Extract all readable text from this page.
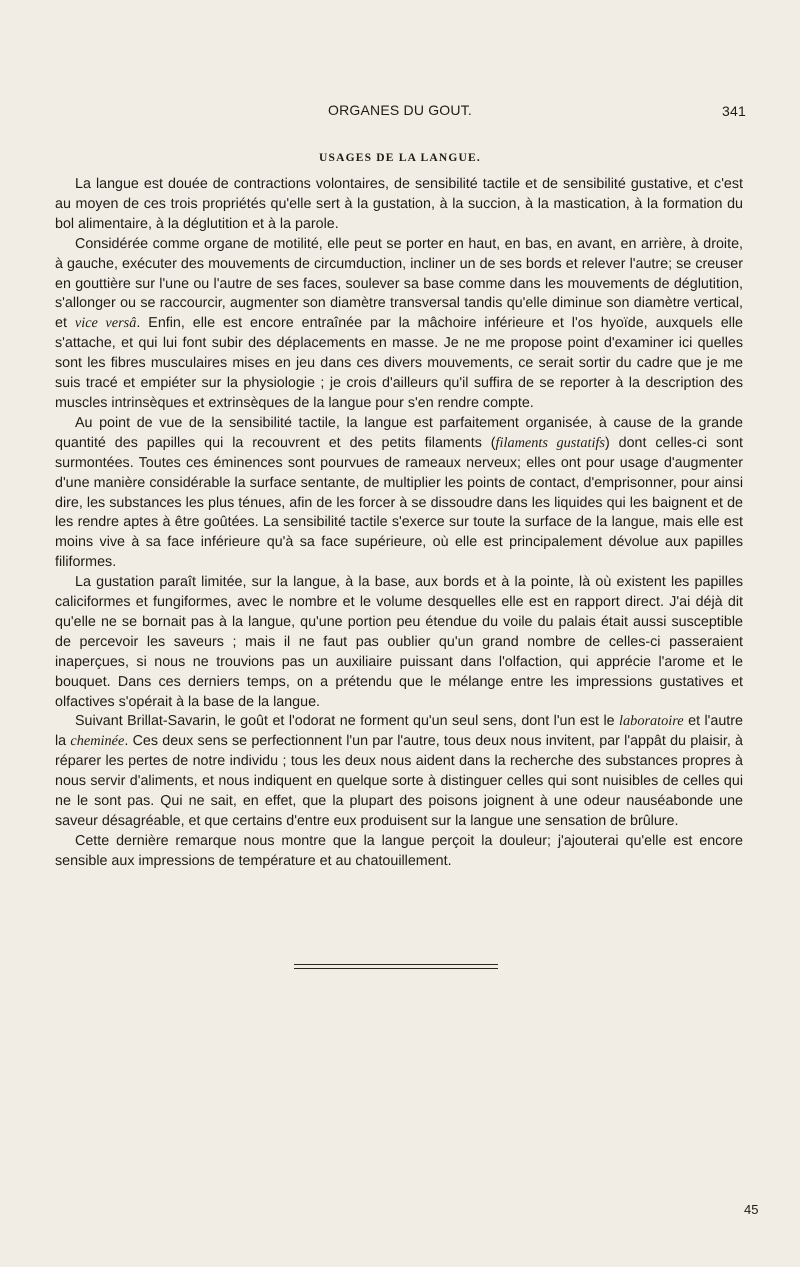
ORGANES DU GOUT.	341
USAGES DE LA LANGUE.

La langue est douée de contractions volontaires, de sensibilité tactile et de sensibilité gustative, et c'est au moyen de ces trois propriétés qu'elle sert à la gustation, à la succion, à la mastication, à la formation du bol alimentaire, à la déglutition et à la parole.

Considérée comme organe de motilité, elle peut se porter en haut, en bas, en avant, en arrière, à droite, à gauche, exécuter des mouvements de circumduction, incliner un de ses bords et relever l'autre; se creuser en gouttière sur l'une ou l'autre de ses faces, soulever sa base comme dans les mouvements de déglutition, s'allonger ou se raccourcir, augmenter son diamètre transversal tandis qu'elle diminue son diamètre vertical, et vice versâ. Enfin, elle est encore entraînée par la mâchoire inférieure et l'os hyoïde, auxquels elle s'attache, et qui lui font subir des déplacements en masse. Je ne me propose point d'examiner ici quelles sont les fibres musculaires mises en jeu dans ces divers mouvements, ce serait sortir du cadre que je me suis tracé et empiéter sur la physiologie ; je crois d'ailleurs qu'il suffira de se reporter à la description des muscles intrinsèques et extrinsèques de la langue pour s'en rendre compte.

Au point de vue de la sensibilité tactile, la langue est parfaitement organisée, à cause de la grande quantité des papilles qui la recouvrent et des petits filaments (filaments gustatifs) dont celles-ci sont surmontées. Toutes ces éminences sont pourvues de rameaux nerveux; elles ont pour usage d'augmenter d'une manière considérable la surface sentante, de multiplier les points de contact, d'emprisonner, pour ainsi dire, les substances les plus ténues, afin de les forcer à se dissoudre dans les liquides qui les baignent et de les rendre aptes à être goûtées. La sensibilité tactile s'exerce sur toute la surface de la langue, mais elle est moins vive à sa face inférieure qu'à sa face supérieure, où elle est principalement dévolue aux papilles filiformes.

La gustation paraît limitée, sur la langue, à la base, aux bords et à la pointe, là où existent les papilles caliciformes et fungiformes, avec le nombre et le volume desquelles elle est en rapport direct. J'ai déjà dit qu'elle ne se bornait pas à la langue, qu'une portion peu étendue du voile du palais était aussi susceptible de percevoir les saveurs ; mais il ne faut pas oublier qu'un grand nombre de celles-ci passeraient inaperçues, si nous ne trouvions pas un auxiliaire puissant dans l'olfaction, qui apprécie l'arome et le bouquet. Dans ces derniers temps, on a prétendu que le mélange entre les impressions gustatives et olfactives s'opérait à la base de la langue.

Suivant Brillat-Savarin, le goût et l'odorat ne forment qu'un seul sens, dont l'un est le laboratoire et l'autre la cheminée. Ces deux sens se perfectionnent l'un par l'autre, tous deux nous invitent, par l'appât du plaisir, à réparer les pertes de notre individu ; tous les deux nous aident dans la recherche des substances propres à nous servir d'aliments, et nous indiquent en quelque sorte à distinguer celles qui sont nuisibles de celles qui ne le sont pas. Qui ne sait, en effet, que la plupart des poisons joignent à une odeur nauséabonde une saveur désagréable, et que certains d'entre eux produisent sur la langue une sensation de brûlure.

Cette dernière remarque nous montre que la langue perçoit la douleur; j'ajouterai qu'elle est encore sensible aux impressions de température et au chatouillement.

45
